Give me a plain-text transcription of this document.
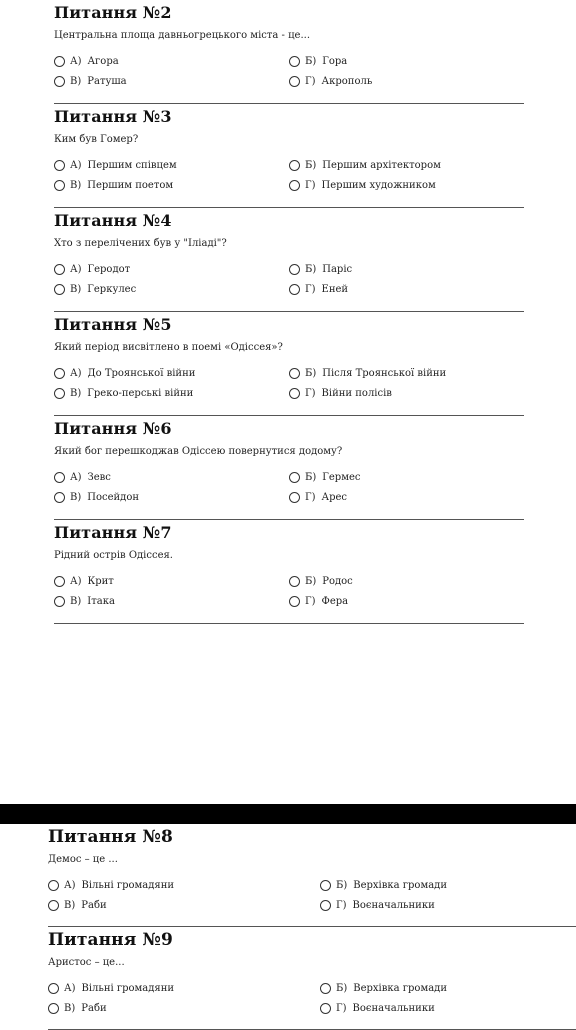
Питання №2
Центральна площа давньогрецького міста - це...
А) Агора	Б) Гора
В) Ратуша	Г) Акрополь
Питання №3
Ким був Гомер?
А) Першим співцем	Б) Першим архітектором
В) Першим поетом	Г) Першим художником
Питання №4
Хто з перелічених був у "Іліаді"?
А) Геродот	Б) Паріс
В) Геркулес	Г) Еней
Питання №5
Який період висвітлено в поемі «Одіссея»?
А) До Троянської війни	Б) Після Троянської війни
В) Греко-перські війни	Г) Війни полісів
Питання №6
Який бог перешкоджав Одіссею повернутися додому?
А) Зевс	Б) Гермес
В) Посейдон	Г) Арес
Питання №7
Рідний острів Одіссея.
А) Крит	Б) Родос
В) Ітака	Г) Фера
Питання №8
Демос – це ...
А) Вільні громадяни	Б) Верхівка громади
В) Раби	Г) Воєначальники
Питання №9
Аристос – це...
А) Вільні громадяни	Б) Верхівка громади
В) Раби	Г) Воєначальники
